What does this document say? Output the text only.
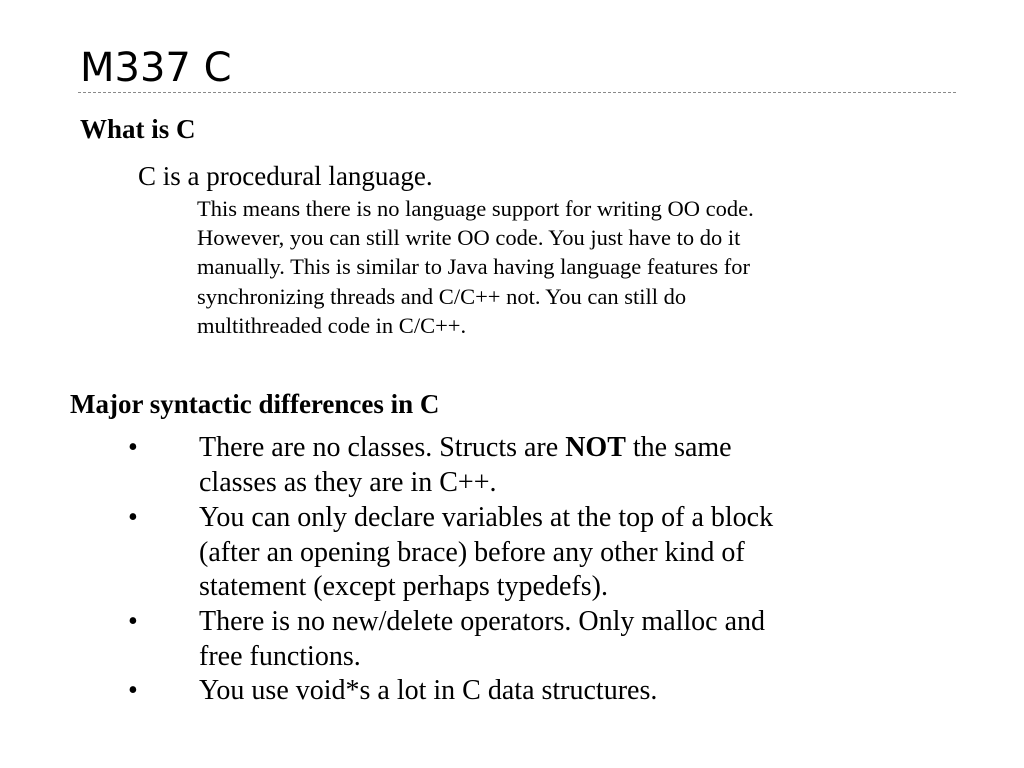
M337 C
What is C
C is a procedural language.
This means there is no language support for writing OO code.
However, you can still write OO code. You just have to do it
manually. This is similar to Java having language features for
synchronizing threads and C/C++ not. You can still do
multithreaded code in C/C++.
Major syntactic differences in C
• There are no classes. Structs are NOT the same
classes as they are in C++.
• You can only declare variables at the top of a block
(after an opening brace) before any other kind of
statement (except perhaps typedefs).
• There is no new/delete operators. Only malloc and
free functions.
• You use void*s a lot in C data structures.
